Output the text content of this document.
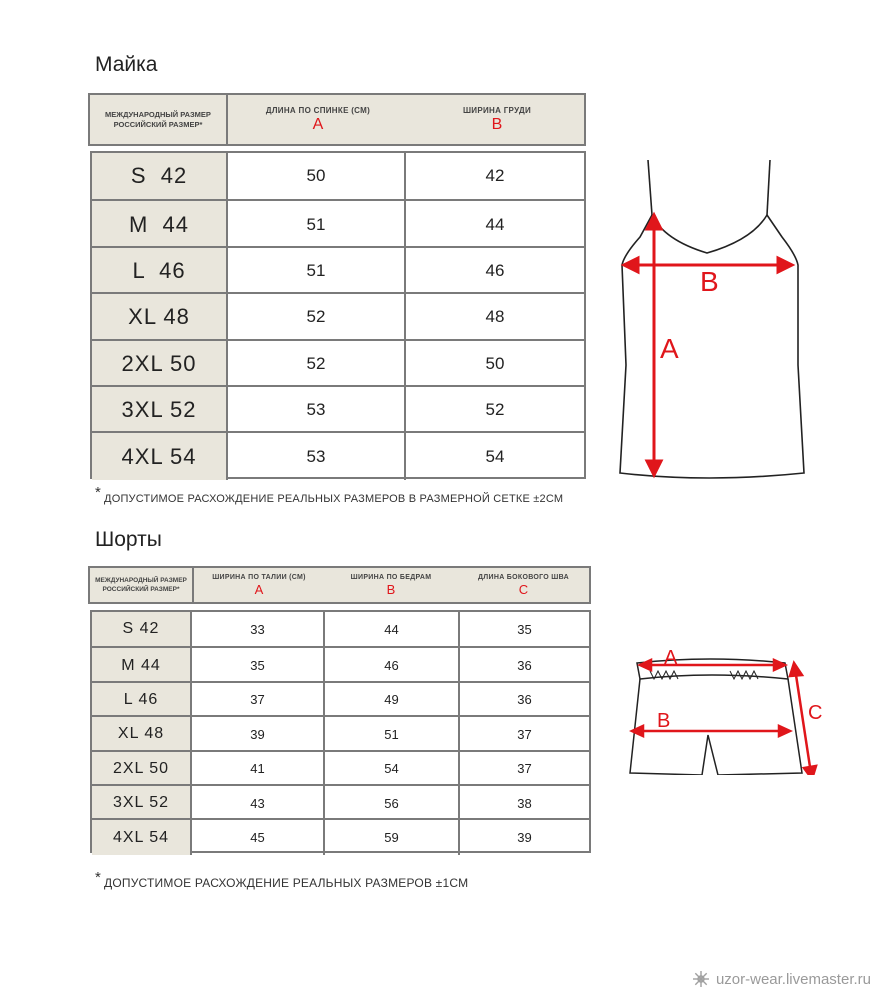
Майка
МЕЖДУНАРОДНЫЙ РАЗМЕР
РОССИЙСКИЙ РАЗМЕР*
ДЛИНА ПО СПИНКЕ (СМ)
A
ШИРИНА ГРУДИ
B
S  42	50	42
M  44	51	44
L  46	51	46
XL 48	52	48
2XL 50	52	50
3XL 52	53	52
4XL 54	53	54
* ДОПУСТИМОЕ РАСХОЖДЕНИЕ РЕАЛЬНЫХ РАЗМЕРОВ В РАЗМЕРНОЙ СЕТКЕ ±2СМ
B
A
Шорты
МЕЖДУНАРОДНЫЙ РАЗМЕР
РОССИЙСКИЙ РАЗМЕР*
ШИРИНА ПО ТАЛИИ (СМ)
A
ШИРИНА ПО БЕДРАМ
B
ДЛИНА БОКОВОГО ШВА
C
S 42	33	44	35
M 44	35	46	36
L 46	37	49	36
XL 48	39	51	37
2XL 50	41	54	37
3XL 52	43	56	38
4XL 54	45	59	39
* ДОПУСТИМОЕ РАСХОЖДЕНИЕ РЕАЛЬНЫХ РАЗМЕРОВ ±1СМ
A
B	C
uzor-wear.livemaster.ru
